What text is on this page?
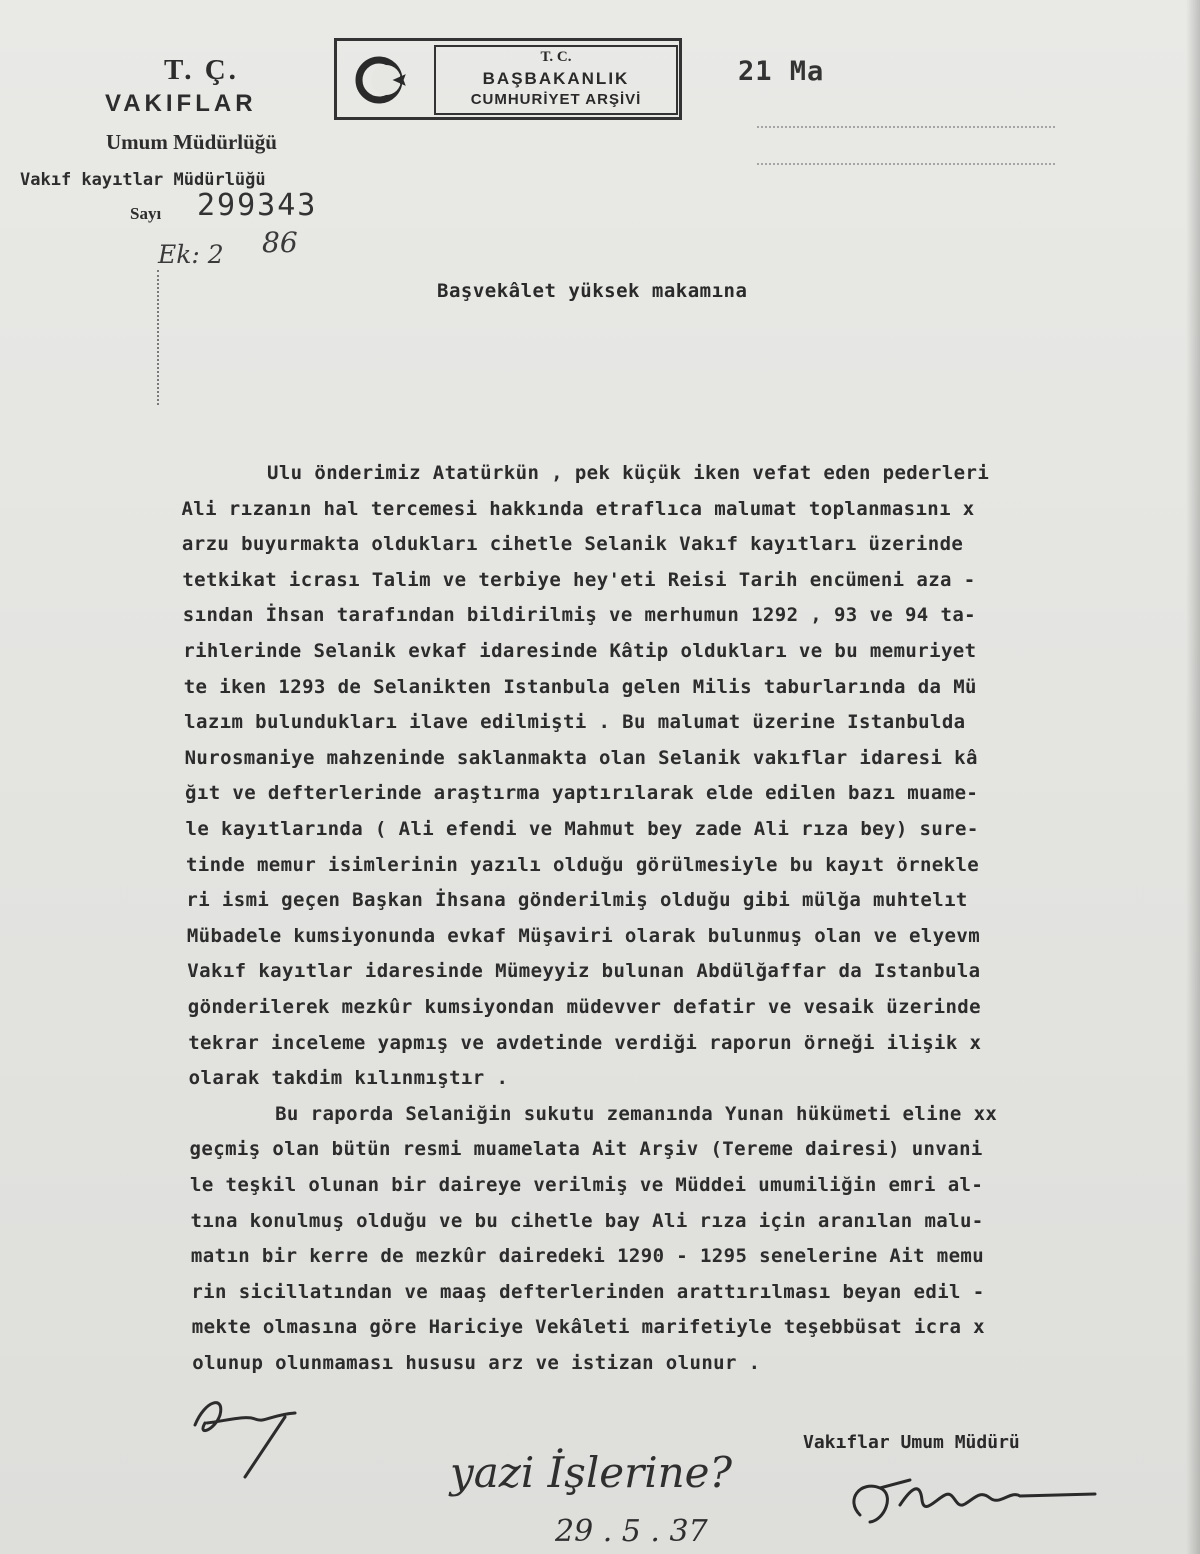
T. Ç.
VAKIFLAR
Umum Müdürlüğü
Vakıf kayıtlar Müdürlüğü
Sayı 299343
Ek: 2 86
T. C.
BAŞBAKANLIK
CUMHURİYET ARŞİVİ
21 Ma
Başvekâlet yüksek makamına
Ulu önderimiz Atatürkün , pek küçük iken vefat eden pederleri
Ali rızanın hal tercemesi hakkında etraflıca malumat toplanmasını x
arzu buyurmakta oldukları cihetle Selanik Vakıf kayıtları üzerinde
tetkikat icrası Talim ve terbiye hey'eti Reisi Tarih encümeni aza -
sından İhsan tarafından bildirilmiş ve merhumun 1292 , 93 ve 94 ta-
rihlerinde Selanik evkaf idaresinde Kâtip oldukları ve bu memuriyet
te iken 1293 de Selanikten Istanbula gelen Milis taburlarında da Mü
lazım bulundukları ilave edilmişti . Bu malumat üzerine Istanbulda
Nurosmaniye mahzeninde saklanmakta olan Selanik vakıflar idaresi kâ
ğıt ve defterlerinde araştırma yaptırılarak elde edilen bazı muame-
le kayıtlarında ( Ali efendi ve Mahmut bey zade Ali rıza bey) sure-
tinde memur isimlerinin yazılı olduğu görülmesiyle bu kayıt örnekle
ri ismi geçen Başkan İhsana gönderilmiş olduğu gibi mülğa muhtelıt
Mübadele kumsiyonunda evkaf Müşaviri olarak bulunmuş olan ve elyevm
Vakıf kayıtlar idaresinde Mümeyyiz bulunan Abdülğaffar da Istanbula
gönderilerek mezkûr kumsiyondan müdevver defatir ve vesaik üzerinde
tekrar inceleme yapmış ve avdetinde verdiği raporun örneği ilişik x
olarak takdim kılınmıştır .
Bu raporda Selaniğin sukutu zemanında Yunan hükümeti eline xx
geçmiş olan bütün resmi muamelata Ait Arşiv (Tereme dairesi) unvani
le teşkil olunan bir daireye verilmiş ve Müddei umumiliğin emri al-
tına konulmuş olduğu ve bu cihetle bay Ali rıza için aranılan malu-
matın bir kerre de mezkûr dairedeki 1290 - 1295 senelerine Ait memu
rin sicillatından ve maaş defterlerinden arattırılması beyan edil -
mekte olmasına göre Hariciye Vekâleti marifetiyle teşebbüsat icra x
olunup olunmaması hususu arz ve istizan olunur .
Vakıflar Umum Müdürü
yazi İşlerine?
29 . 5 . 37
